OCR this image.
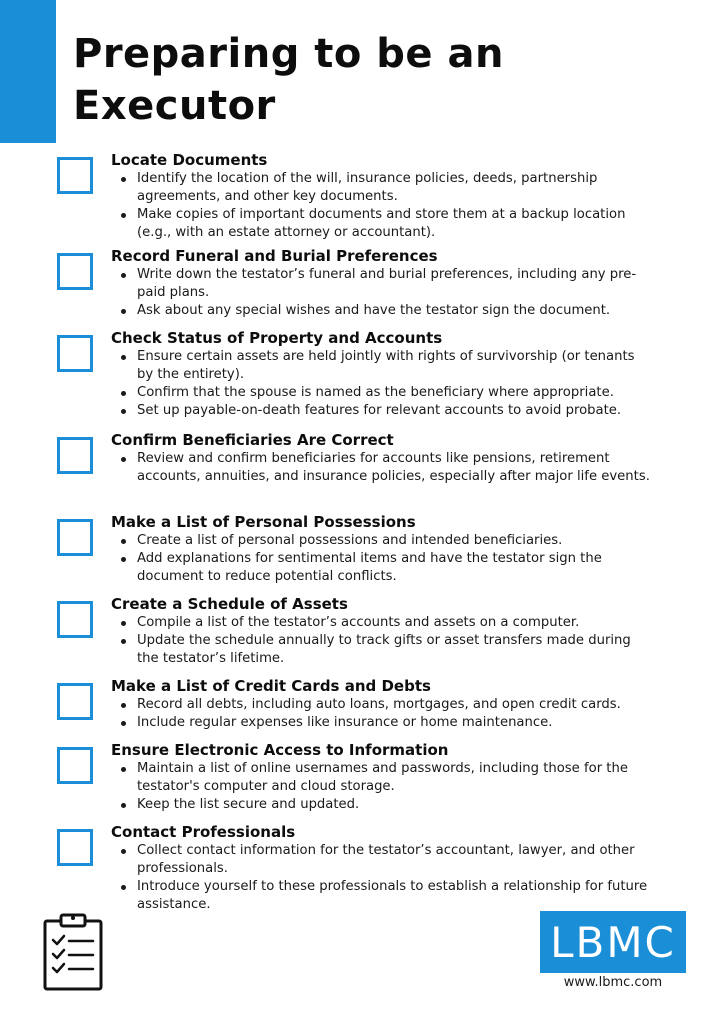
Preparing to be an
Executor
Locate Documents
Identify the location of the will, insurance policies, deeds, partnership agreements, and other key documents.
Make copies of important documents and store them at a backup location (e.g., with an estate attorney or accountant).
Record Funeral and Burial Preferences
Write down the testator’s funeral and burial preferences, including any pre-paid plans.
Ask about any special wishes and have the testator sign the document.
Check Status of Property and Accounts
Ensure certain assets are held jointly with rights of survivorship (or tenants by the entirety).
Confirm that the spouse is named as the beneficiary where appropriate.
Set up payable-on-death features for relevant accounts to avoid probate.
Confirm Beneficiaries Are Correct
Review and confirm beneficiaries for accounts like pensions, retirement accounts, annuities, and insurance policies, especially after major life events.
Make a List of Personal Possessions
Create a list of personal possessions and intended beneficiaries.
Add explanations for sentimental items and have the testator sign the document to reduce potential conflicts.
Create a Schedule of Assets
Compile a list of the testator’s accounts and assets on a computer.
Update the schedule annually to track gifts or asset transfers made during the testator’s lifetime.
Make a List of Credit Cards and Debts
Record all debts, including auto loans, mortgages, and open credit cards.
Include regular expenses like insurance or home maintenance.
Ensure Electronic Access to Information
Maintain a list of online usernames and passwords, including those for the testator's computer and cloud storage.
Keep the list secure and updated.
Contact Professionals
Collect contact information for the testator’s accountant, lawyer, and other professionals.
Introduce yourself to these professionals to establish a relationship for future assistance.
LBMC
www.lbmc.com
